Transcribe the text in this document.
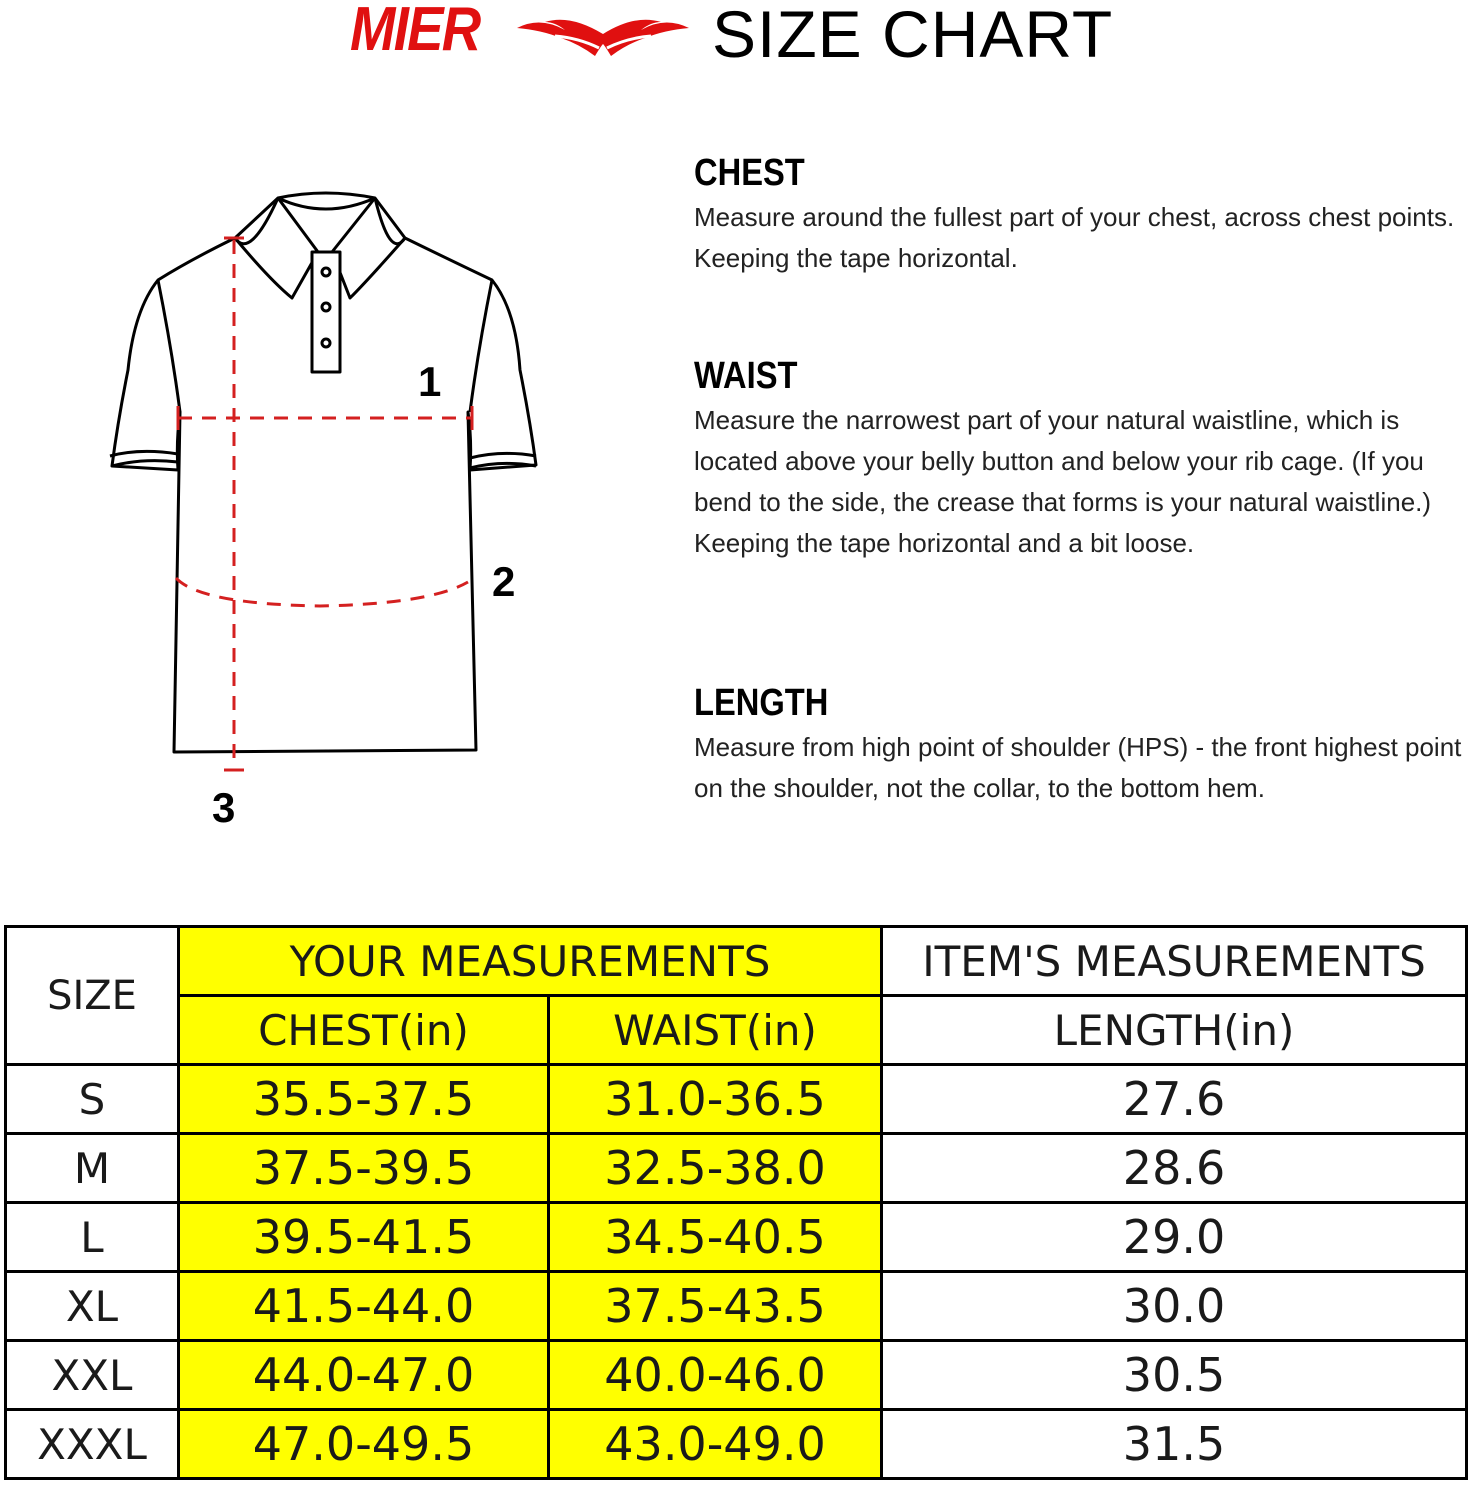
MIER	SIZE CHART
1
2
3
CHEST

Measure around the fullest part of your chest, across chest points. Keeping the tape horizontal.

WAIST

Measure the narrowest part of your natural waistline, which is located above your belly button and below your rib cage. (If you bend to the side, the crease that forms is your natural waistline.) Keeping the tape horizontal and a bit loose.

LENGTH

Measure from high point of shoulder (HPS) - the front highest point on the shoulder, not the collar, to the bottom hem.

SIZE	YOUR MEASUREMENTS		ITEM'S MEASUREMENTS
	CHEST(in)	WAIST(in)	LENGTH(in)
S	35.5-37.5	31.0-36.5	27.6
M	37.5-39.5	32.5-38.0	28.6
L	39.5-41.5	34.5-40.5	29.0
XL	41.5-44.0	37.5-43.5	30.0
XXL	44.0-47.0	40.0-46.0	30.5
XXXL	47.0-49.5	43.0-49.0	31.5
